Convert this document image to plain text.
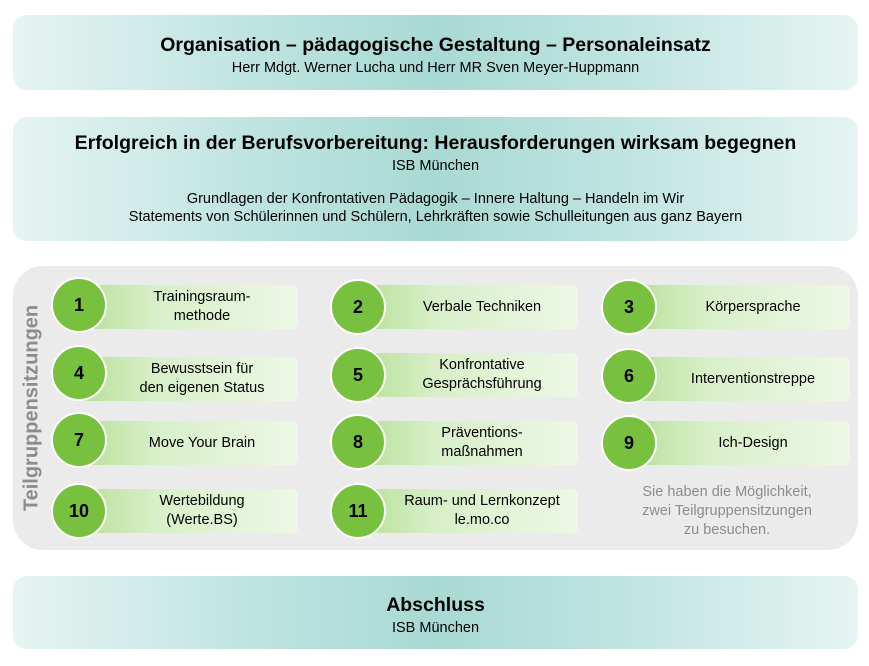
Organisation – pädagogische Gestaltung – Personaleinsatz
Herr Mdgt. Werner Lucha und Herr MR Sven Meyer-Huppmann
Erfolgreich in der Berufsvorbereitung: Herausforderungen wirksam begegnen
ISB München
Grundlagen der Konfrontativen Pädagogik – Innere Haltung – Handeln im Wir
Statements von Schülerinnen und Schülern, Lehrkräften sowie Schulleitungen aus ganz Bayern
Teilgruppensitzungen
Trainingsraum-
methode
1
Bewusstsein für
den eigenen Status
4
Move Your Brain
7
Wertebildung
(Werte.BS)
10
Verbale Techniken
2
Konfrontative
Gesprächsführung
5
Präventions-
maßnahmen
8
Raum- und Lernkonzept
le.mo.co
11
Körpersprache
3
Interventionstreppe
6
Ich-Design
9
Sie haben die Möglichkeit,
zwei Teilgruppensitzungen
zu besuchen.
Abschluss
ISB München
